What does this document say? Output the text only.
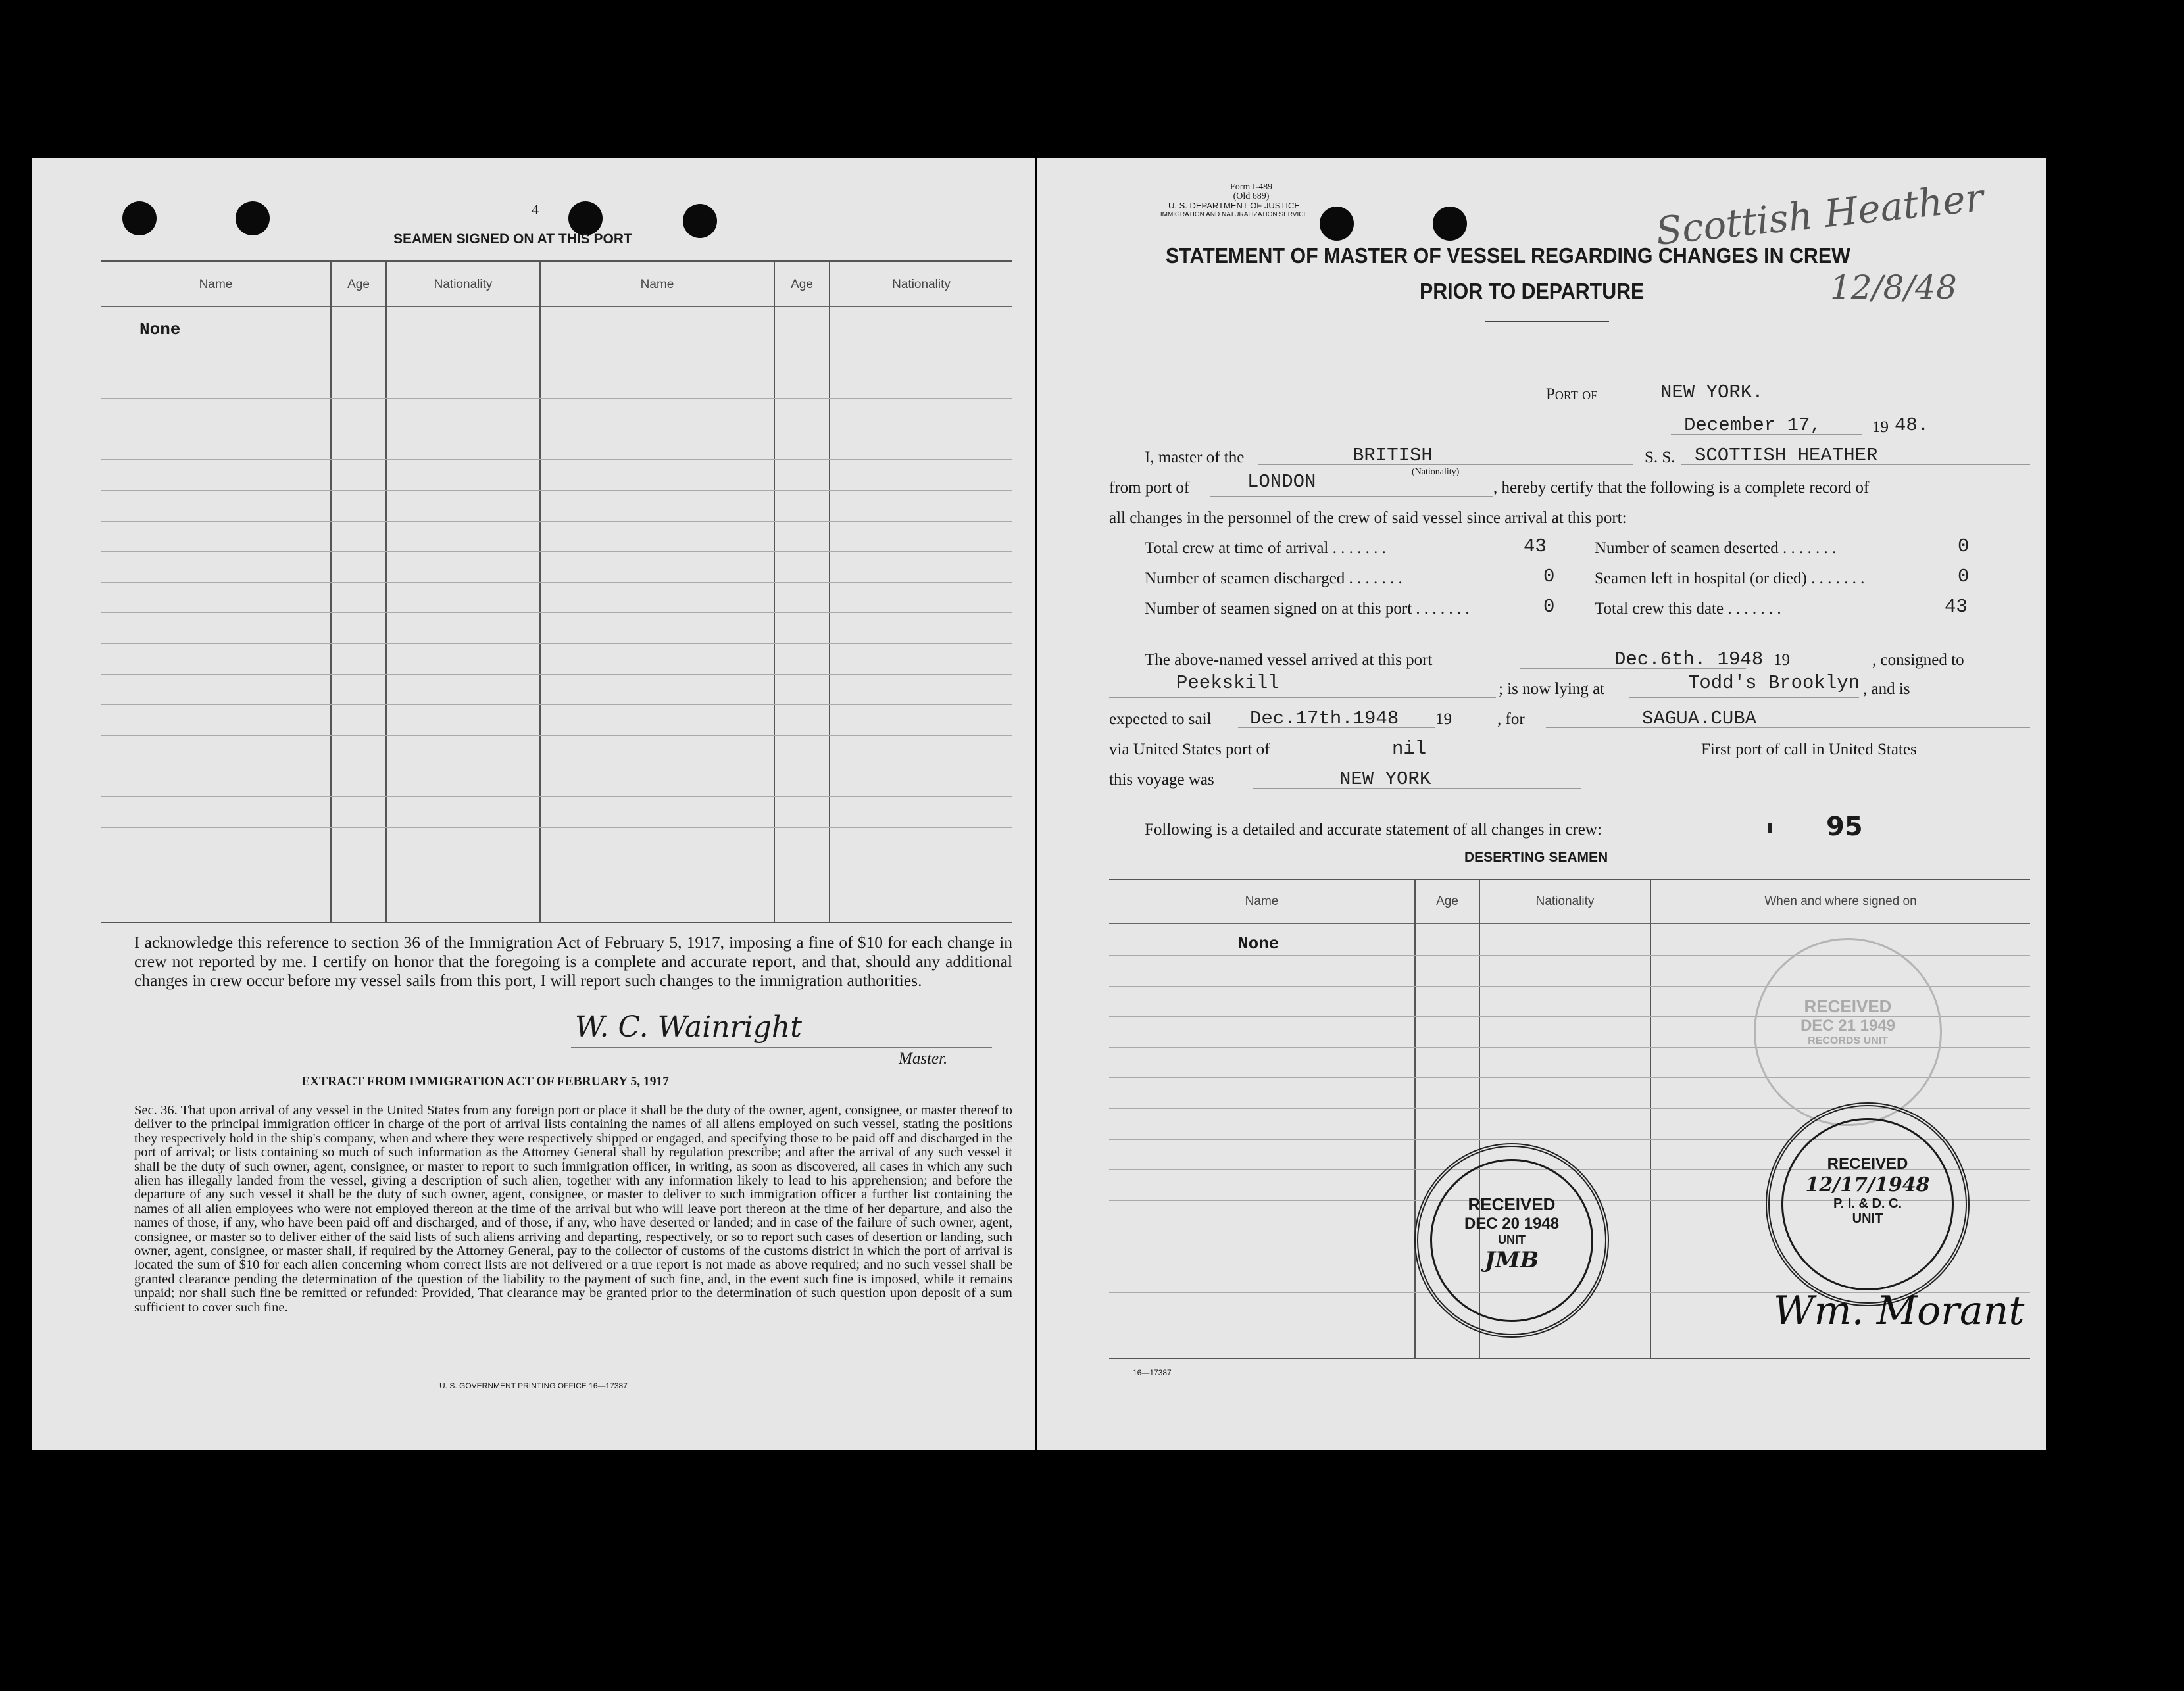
4
SEAMEN SIGNED ON AT THIS PORT
Name	Age	Nationality	Name	Age	Nationality
None
I acknowledge this reference to section 36 of the Immigration Act of February 5, 1917, imposing a fine of $10 for each change in crew not reported by me. I certify on honor that the foregoing is a complete and accurate report, and that, should any additional changes in crew occur before my vessel sails from this port, I will report such changes to the immigration authorities.
W. C. Wainright
Master.
EXTRACT FROM IMMIGRATION ACT OF FEBRUARY 5, 1917
Sec. 36. That upon arrival of any vessel in the United States from any foreign port or place it shall be the duty of the owner, agent, consignee, or master thereof to deliver to the principal immigration officer in charge of the port of arrival lists containing the names of all aliens employed on such vessel, stating the positions they respectively hold in the ship's company, when and where they were respectively shipped or engaged, and specifying those to be paid off and discharged in the port of arrival; or lists containing so much of such information as the Attorney General shall by regulation prescribe; and after the arrival of any such vessel it shall be the duty of such owner, agent, consignee, or master to report to such immigration officer, in writing, as soon as discovered, all cases in which any such alien has illegally landed from the vessel, giving a description of such alien, together with any information likely to lead to his apprehension; and before the departure of any such vessel it shall be the duty of such owner, agent, consignee, or master to deliver to such immigration officer a further list containing the names of all alien employees who were not employed thereon at the time of the arrival but who will leave port thereon at the time of her departure, and also the names of those, if any, who have been paid off and discharged, and of those, if any, who have deserted or landed; and in case of the failure of such owner, agent, consignee, or master so to deliver either of the said lists of such aliens arriving and departing, respectively, or so to report such cases of desertion or landing, such owner, agent, consignee, or master shall, if required by the Attorney General, pay to the collector of customs of the customs district in which the port of arrival is located the sum of $10 for each alien concerning whom correct lists are not delivered or a true report is not made as above required; and no such vessel shall be granted clearance pending the determination of the question of the liability to the payment of such fine, and, in the event such fine is imposed, while it remains unpaid; nor shall such fine be remitted or refunded: Provided, That clearance may be granted prior to the determination of such question upon deposit of a sum sufficient to cover such fine.
U. S. GOVERNMENT PRINTING OFFICE 16—17387
Form I-489
(Old 689)
U. S. DEPARTMENT OF JUSTICE
IMMIGRATION AND NATURALIZATION SERVICE	Scottish Heather
12/8/48
STATEMENT OF MASTER OF VESSEL REGARDING CHANGES IN CREW
PRIOR TO DEPARTURE
Port of	NEW YORK.
December 17,	19 48.
I, master of the	BRITISH
(Nationality)
S. S. SCOTTISH HEATHER
from port of	LONDON	, hereby certify that the following is a complete record of
all changes in the personnel of the crew of said vessel since arrival at this port:
Total crew at time of arrival . . . . . . .	43
Number of seamen discharged . . . . . . .	0
Number of seamen signed on at this port . . . . . . .	0
Number of seamen deserted . . . . . . .	0
Seamen left in hospital (or died) . . . . . . .	0
Total crew this date . . . . . . .	43
The above-named vessel arrived at this port	Dec.6th. 1948 19	, consigned to
Peekskill	; is now lying at	Todd's Brooklyn , and is
expected to sail Dec.17th.1948 19	, for	SAGUA.CUBA
via United States port of	nil	First port of call in United States
this voyage was	NEW YORK
Following is a detailed and accurate statement of all changes in crew:	95
DESERTING SEAMEN
Name	Age	Nationality	When and where signed on
None
RECEIVED
DEC 21 1949
RECORDS UNIT
RECEIVED
DEC 20 1948
UNIT
JMB
RECEIVED
12/17/1948
P. I. & D. C.
UNIT
Wm. Morant
16—17387
